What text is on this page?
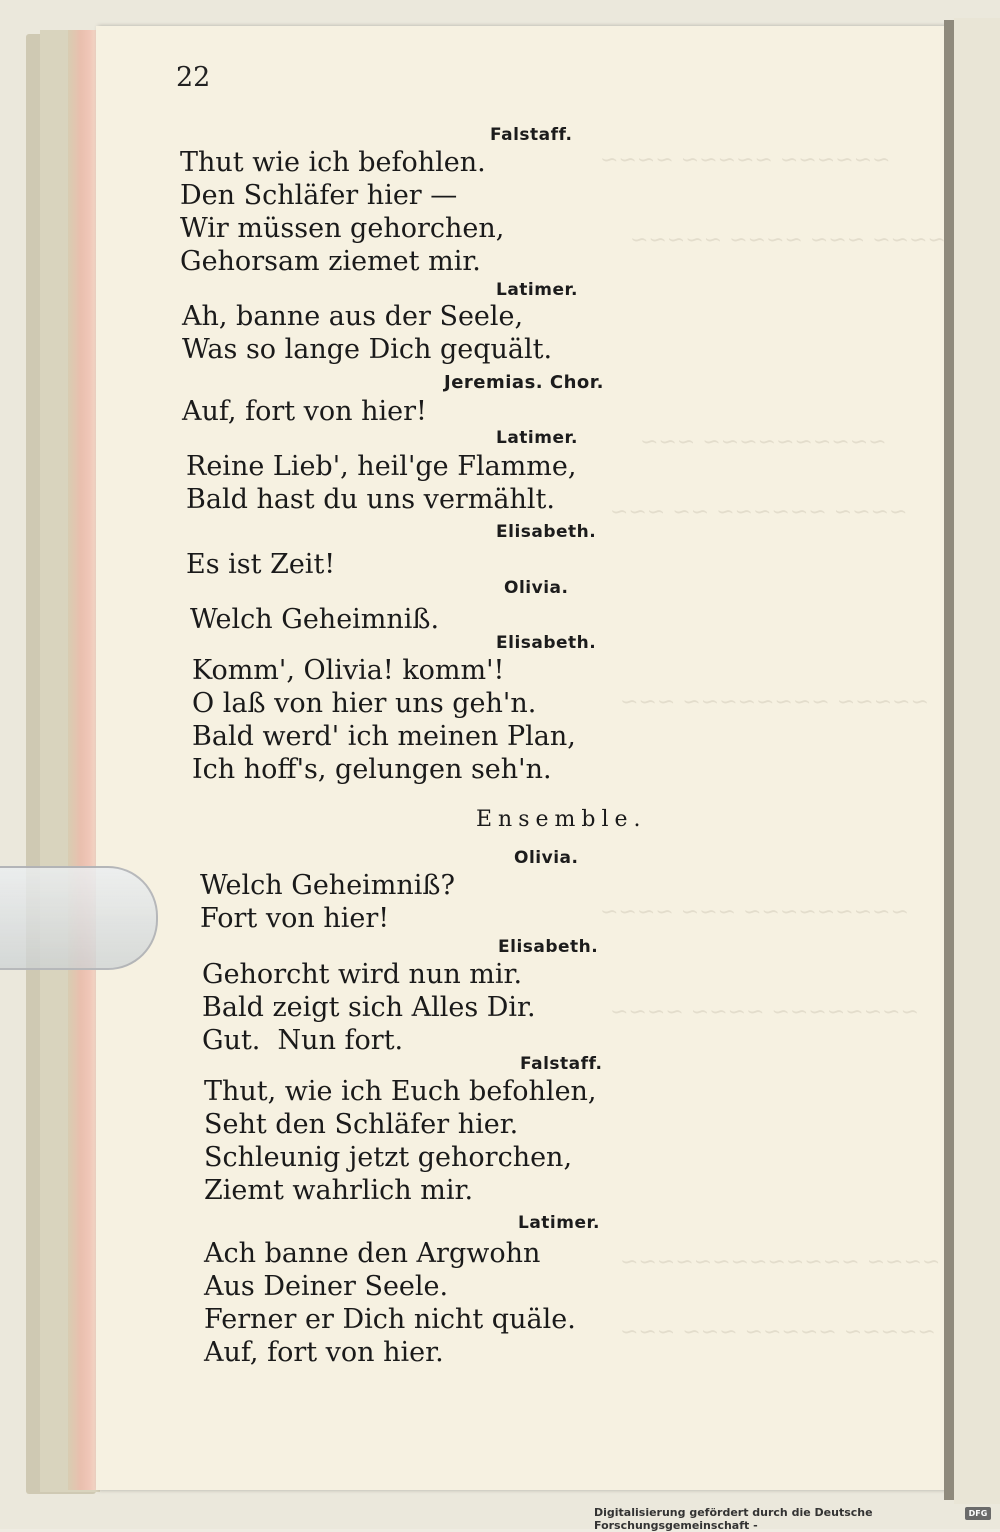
22
Falstaff.
Thut wie ich befohlen.
Den Schläfer hier —
Wir müssen gehorchen,
Gehorsam ziemet mir.
Latimer.
Ah, banne aus der Seele,
Was so lange Dich gequält.
Jeremias. Chor.
Auf, fort von hier!
Latimer.
Reine Lieb', heil'ge Flamme,
Bald hast du uns vermählt.
Elisabeth.
Es ist Zeit!
Olivia.
Welch Geheimniß.
Elisabeth.
Komm', Olivia! komm'!
O laß von hier uns geh'n.
Bald werd' ich meinen Plan,
Ich hoff's, gelungen seh'n.
Ensemble.
Olivia.
Welch Geheimniß?
Fort von hier!
Elisabeth.
Gehorcht wird nun mir.
Bald zeigt sich Alles Dir.
Gut.  Nun fort.
Falstaff.
Thut, wie ich Euch befohlen,
Seht den Schläfer hier.
Schleunig jetzt gehorchen,
Ziemt wahrlich mir.
Latimer.
Ach banne den Argwohn
Aus Deiner Seele.
Ferner er Dich nicht quäle.
Auf, fort von hier.
Digitalisierung gefördert durch die Deutsche Forschungsgemeinschaft -
DFG
